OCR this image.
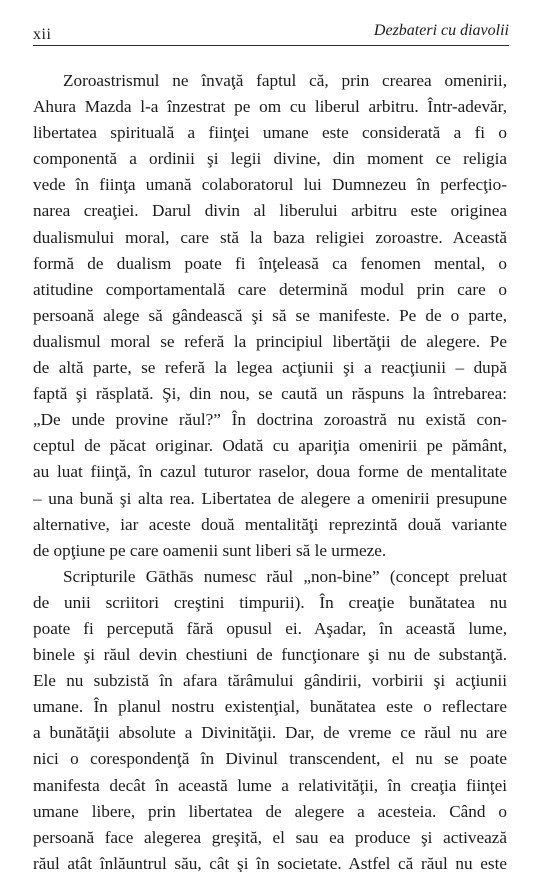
xii	Dezbateri cu diavolii
Zoroastrismul ne învaţă faptul că, prin crearea omenirii,
Ahura Mazda l-a înzestrat pe om cu liberul arbitru. Într-adevăr,
libertatea spirituală a fiinţei umane este considerată a fi o
componentă a ordinii şi legii divine, din moment ce religia
vede în fiinţa umană colaboratorul lui Dumnezeu în perfecţio-
narea creaţiei. Darul divin al liberului arbitru este originea
dualismului moral, care stă la baza religiei zoroastre. Această
formă de dualism poate fi înţeleasă ca fenomen mental, o
atitudine comportamentală care determină modul prin care o
persoană alege să gândească şi să se manifeste. Pe de o parte,
dualismul moral se referă la principiul libertăţii de alegere. Pe
de altă parte, se referă la legea acţiunii şi a reacţiunii – după
faptă şi răsplată. Şi, din nou, se caută un răspuns la întrebarea:
„De unde provine răul?” În doctrina zoroastră nu există con-
ceptul de păcat originar. Odată cu apariţia omenirii pe pământ,
au luat fiinţă, în cazul tuturor raselor, doua forme de mentalitate
– una bună şi alta rea. Libertatea de alegere a omenirii presupune
alternative, iar aceste două mentalităţi reprezintă două variante
de opţiune pe care oamenii sunt liberi să le urmeze.
Scripturile Gāthās numesc răul „non-bine” (concept preluat
de unii scriitori creştini timpurii). În creaţie bunătatea nu
poate fi percepută fără opusul ei. Aşadar, în această lume,
binele şi răul devin chestiuni de funcţionare şi nu de substanţă.
Ele nu subzistă în afara tărâmului gândirii, vorbirii şi acţiunii
umane. În planul nostru existenţial, bunătatea este o reflectare
a bunătăţii absolute a Divinităţii. Dar, de vreme ce răul nu are
nici o corespondenţă în Divinul transcendent, el nu se poate
manifesta decât în această lume a relativităţii, în creaţia fiinţei
umane libere, prin libertatea de alegere a acesteia. Când o
persoană face alegerea greşită, el sau ea produce şi activează
răul atât înlăuntrul său, cât şi în societate. Astfel că răul nu este
